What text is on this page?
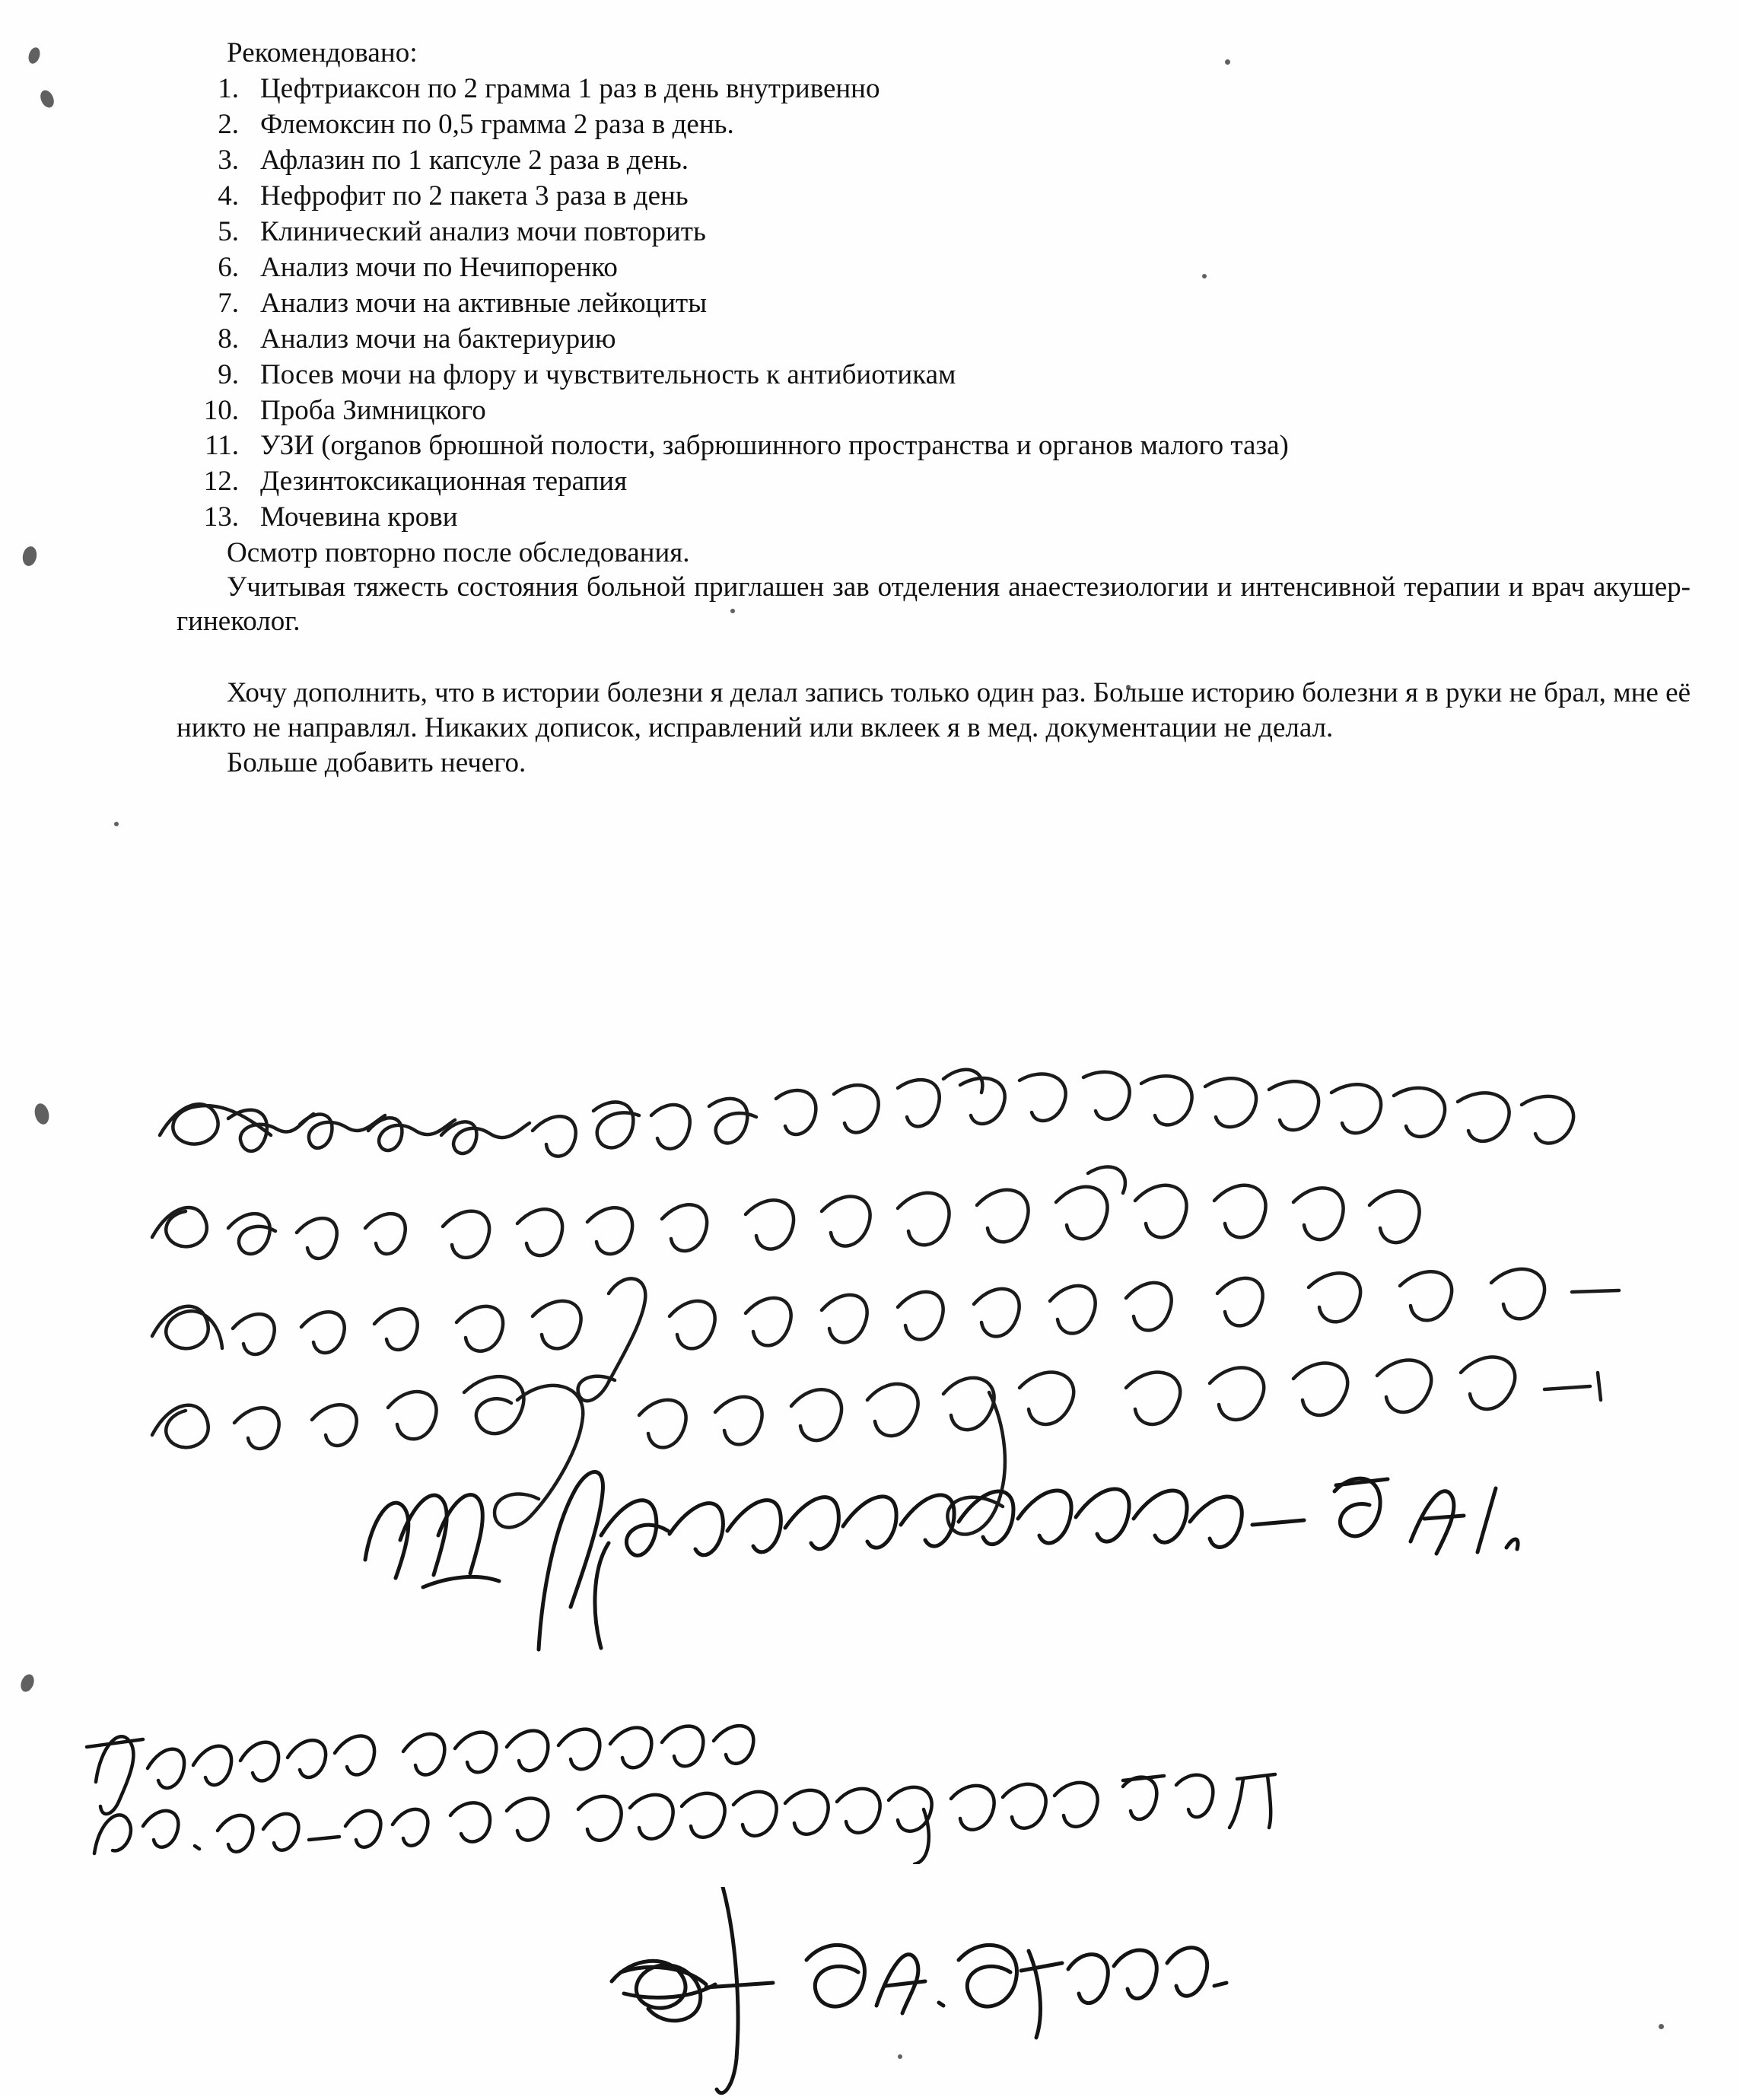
Рекомендовано:

1. Цефтриаксон по 2 грамма 1 раз в день внутривенно
2. Флемоксин по 0,5 грамма 2 раза в день.
3. Афлазин по 1 капсуле 2 раза в день.
4. Нефрофит по 2 пакета 3 раза в день
5. Клинический анализ мочи повторить
6. Анализ мочи по Нечипоренко
7. Анализ мочи на активные лейкоциты
8. Анализ мочи на бактериурию
9. Посев мочи на флору и чувствительность к антибиотикам
10. Проба Зимницкого
11. УЗИ (organов брюшной полости, забрюшинного пространства и органов малого таза)
12. Дезинтоксикационная терапия
13. Мочевина крови

Осмотр повторно после обследования.

Учитывая тяжесть состояния больной приглашен зав отделения анаестезиологии и интенсивной терапии и врач акушер-гинеколог.

Хочу дополнить, что в истории болезни я делал запись только один раз. Больше историю болезни я в руки не брал, мне её никто не направлял. Никаких дописок, исправлений или вклеек я в мед. документации не делал.

Больше добавить нечего.
